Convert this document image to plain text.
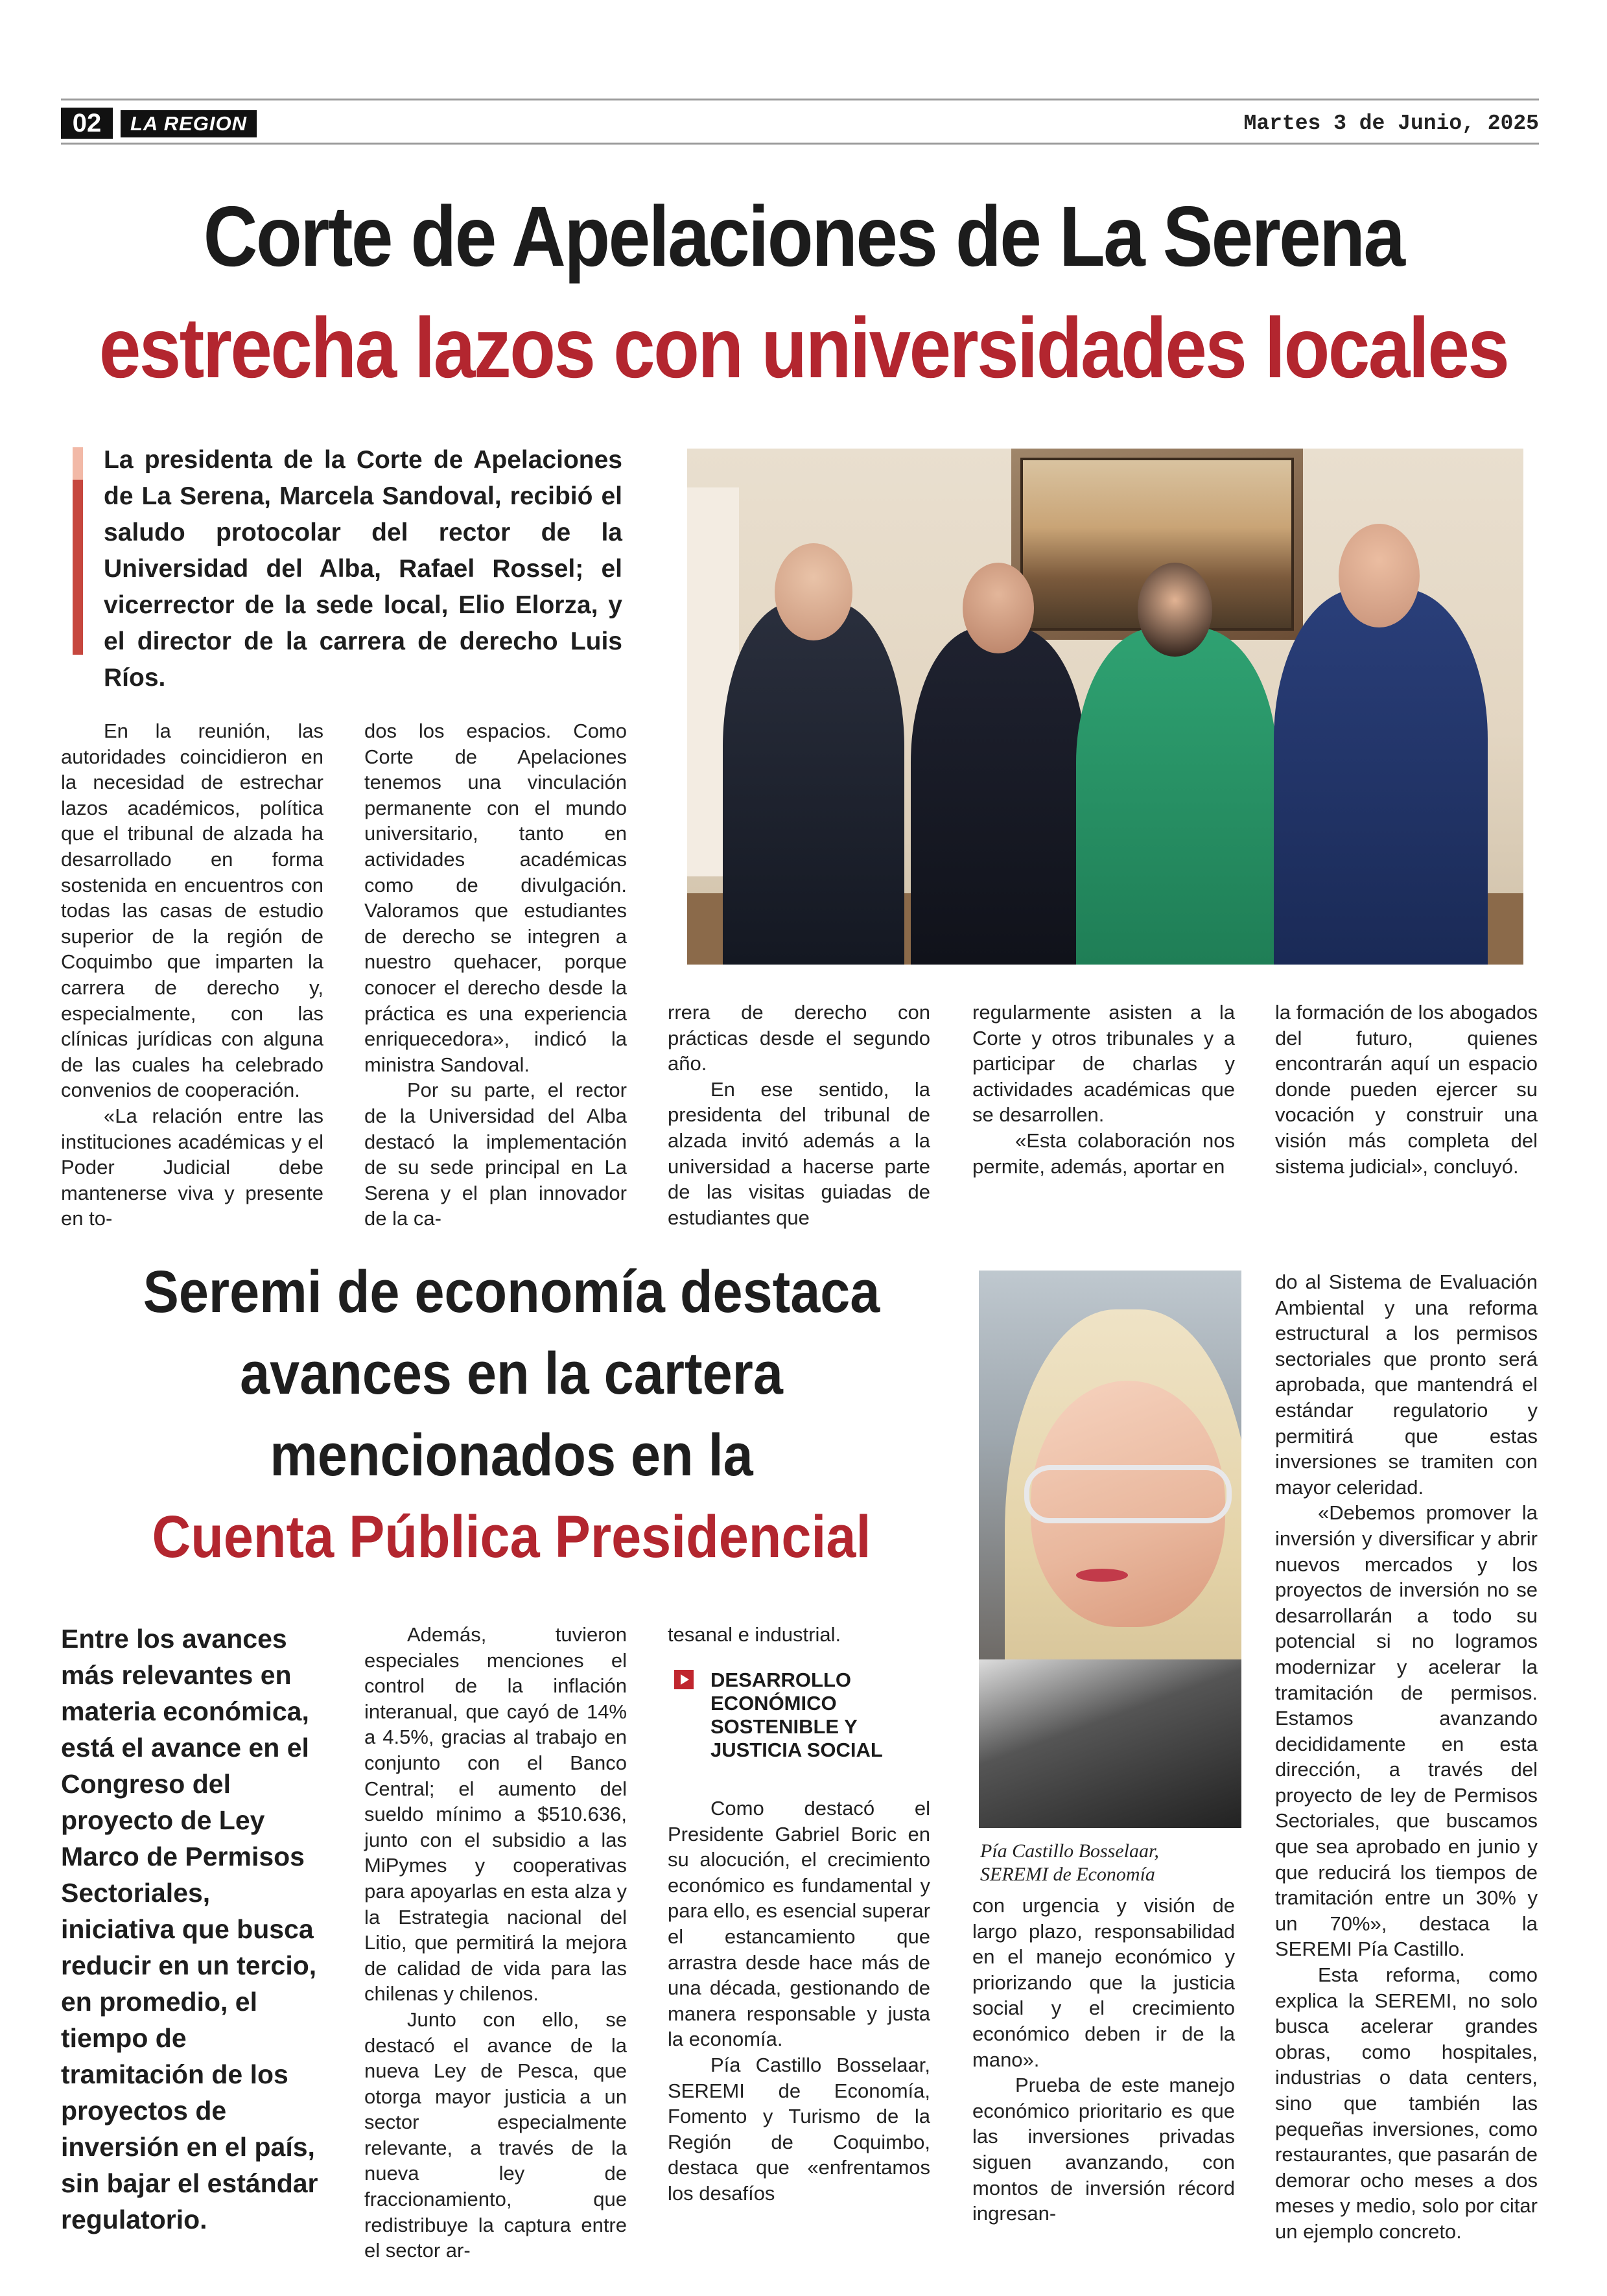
02	LA REGION	Martes 3 de Junio, 2025
Corte de Apelaciones de La Serena
estrecha lazos con universidades locales
La presidenta de la Corte de Apelaciones de La Serena, Marcela Sandoval, recibió el saludo protocolar del rector de la Universidad del Alba, Rafael Rossel; el vicerrector de la sede local, Elio Elorza, y el director de la carrera de derecho Luis Ríos.

En la reunión, las autoridades coincidieron en la necesidad de estrechar lazos académicos, política que el tribunal de alzada ha desarrollado en forma sostenida en encuentros con todas las casas de estudio superior de la región de Coquimbo que imparten la carrera de derecho y, especialmente, con las clínicas jurídicas con alguna de las cuales ha celebrado convenios de cooperación.

«La relación entre las instituciones académicas y el Poder Judicial debe mantenerse viva y presente en to-

dos los espacios. Como Corte de Apelaciones tenemos una vinculación permanente con el mundo universitario, tanto en actividades académicas como de divulgación. Valoramos que estudiantes de derecho se integren a nuestro quehacer, porque conocer el derecho desde la práctica es una experiencia enriquecedora», indicó la ministra Sandoval.

Por su parte, el rector de la Universidad del Alba destacó la implementación de su sede principal en La Serena y el plan innovador de la ca-

rrera de derecho con prácticas desde el segundo año.

En ese sentido, la presidenta del tribunal de alzada invitó además a la universidad a hacerse parte de las visitas guiadas de estudiantes que

regularmente asisten a la Corte y otros tribunales y a participar de charlas y actividades académicas que se desarrollen.

«Esta colaboración nos permite, además, aportar en

la formación de los abogados del futuro, quienes encontrarán aquí un espacio donde pueden ejercer su vocación y construir una visión más completa del sistema judicial», concluyó.

Seremi de economía destaca
avances en la cartera
mencionados en la
Cuenta Pública Presidencial
Entre los avances más relevantes en materia económica, está el avance en el Congreso del proyecto de Ley Marco de Permisos Sectoriales, iniciativa que busca reducir en un tercio, en promedio, el tiempo de tramitación de los proyectos de inversión en el país, sin bajar el estándar regulatorio.

Además, tuvieron especiales menciones el control de la inflación interanual, que cayó de 14% a 4.5%, gracias al trabajo en conjunto con el Banco Central; el aumento del sueldo mínimo a $510.636, junto con el subsidio a las MiPymes y cooperativas para apoyarlas en esta alza y la Estrategia nacional del Litio, que permitirá la mejora de calidad de vida para las chilenas y chilenos.

Junto con ello, se destacó el avance de la nueva Ley de Pesca, que otorga mayor justicia a un sector especialmente relevante, a través de la nueva ley de fraccionamiento, que redistribuye la captura entre el sector ar-

tesanal e industrial.

DESARROLLO ECONÓMICO SOSTENIBLE Y JUSTICIA SOCIAL

Como destacó el Presidente Gabriel Boric en su alocución, el crecimiento económico es fundamental y para ello, es esencial superar el estancamiento que arrastra desde hace más de una década, gestionando de manera responsable y justa la economía.

Pía Castillo Bosselaar, SEREMI de Economía, Fomento y Turismo de la Región de Coquimbo, destaca que «enfrentamos los desafíos

Pía Castillo Bosselaar,
SEREMI de Economía

con urgencia y visión de largo plazo, responsabilidad en el manejo económico y priorizando que la justicia social y el crecimiento económico deben ir de la mano».

Prueba de este manejo económico prioritario es que las inversiones privadas siguen avanzando, con montos de inversión récord ingresan-

do al Sistema de Evaluación Ambiental y una reforma estructural a los permisos sectoriales que pronto será aprobada, que mantendrá el estándar regulatorio y permitirá que estas inversiones se tramiten con mayor celeridad.

«Debemos promover la inversión y diversificar y abrir nuevos mercados y los proyectos de inversión no se desarrollarán a todo su potencial si no logramos modernizar y acelerar la tramitación de permisos. Estamos avanzando decididamente en esta dirección, a través del proyecto de ley de Permisos Sectoriales, que buscamos que sea aprobado en junio y que reducirá los tiempos de tramitación entre un 30% y un 70%», destaca la SEREMI Pía Castillo.

Esta reforma, como explica la SEREMI, no solo busca acelerar grandes obras, como hospitales, industrias o data centers, sino que también las pequeñas inversiones, como restaurantes, que pasarán de demorar ocho meses a dos meses y medio, solo por citar un ejemplo concreto.
